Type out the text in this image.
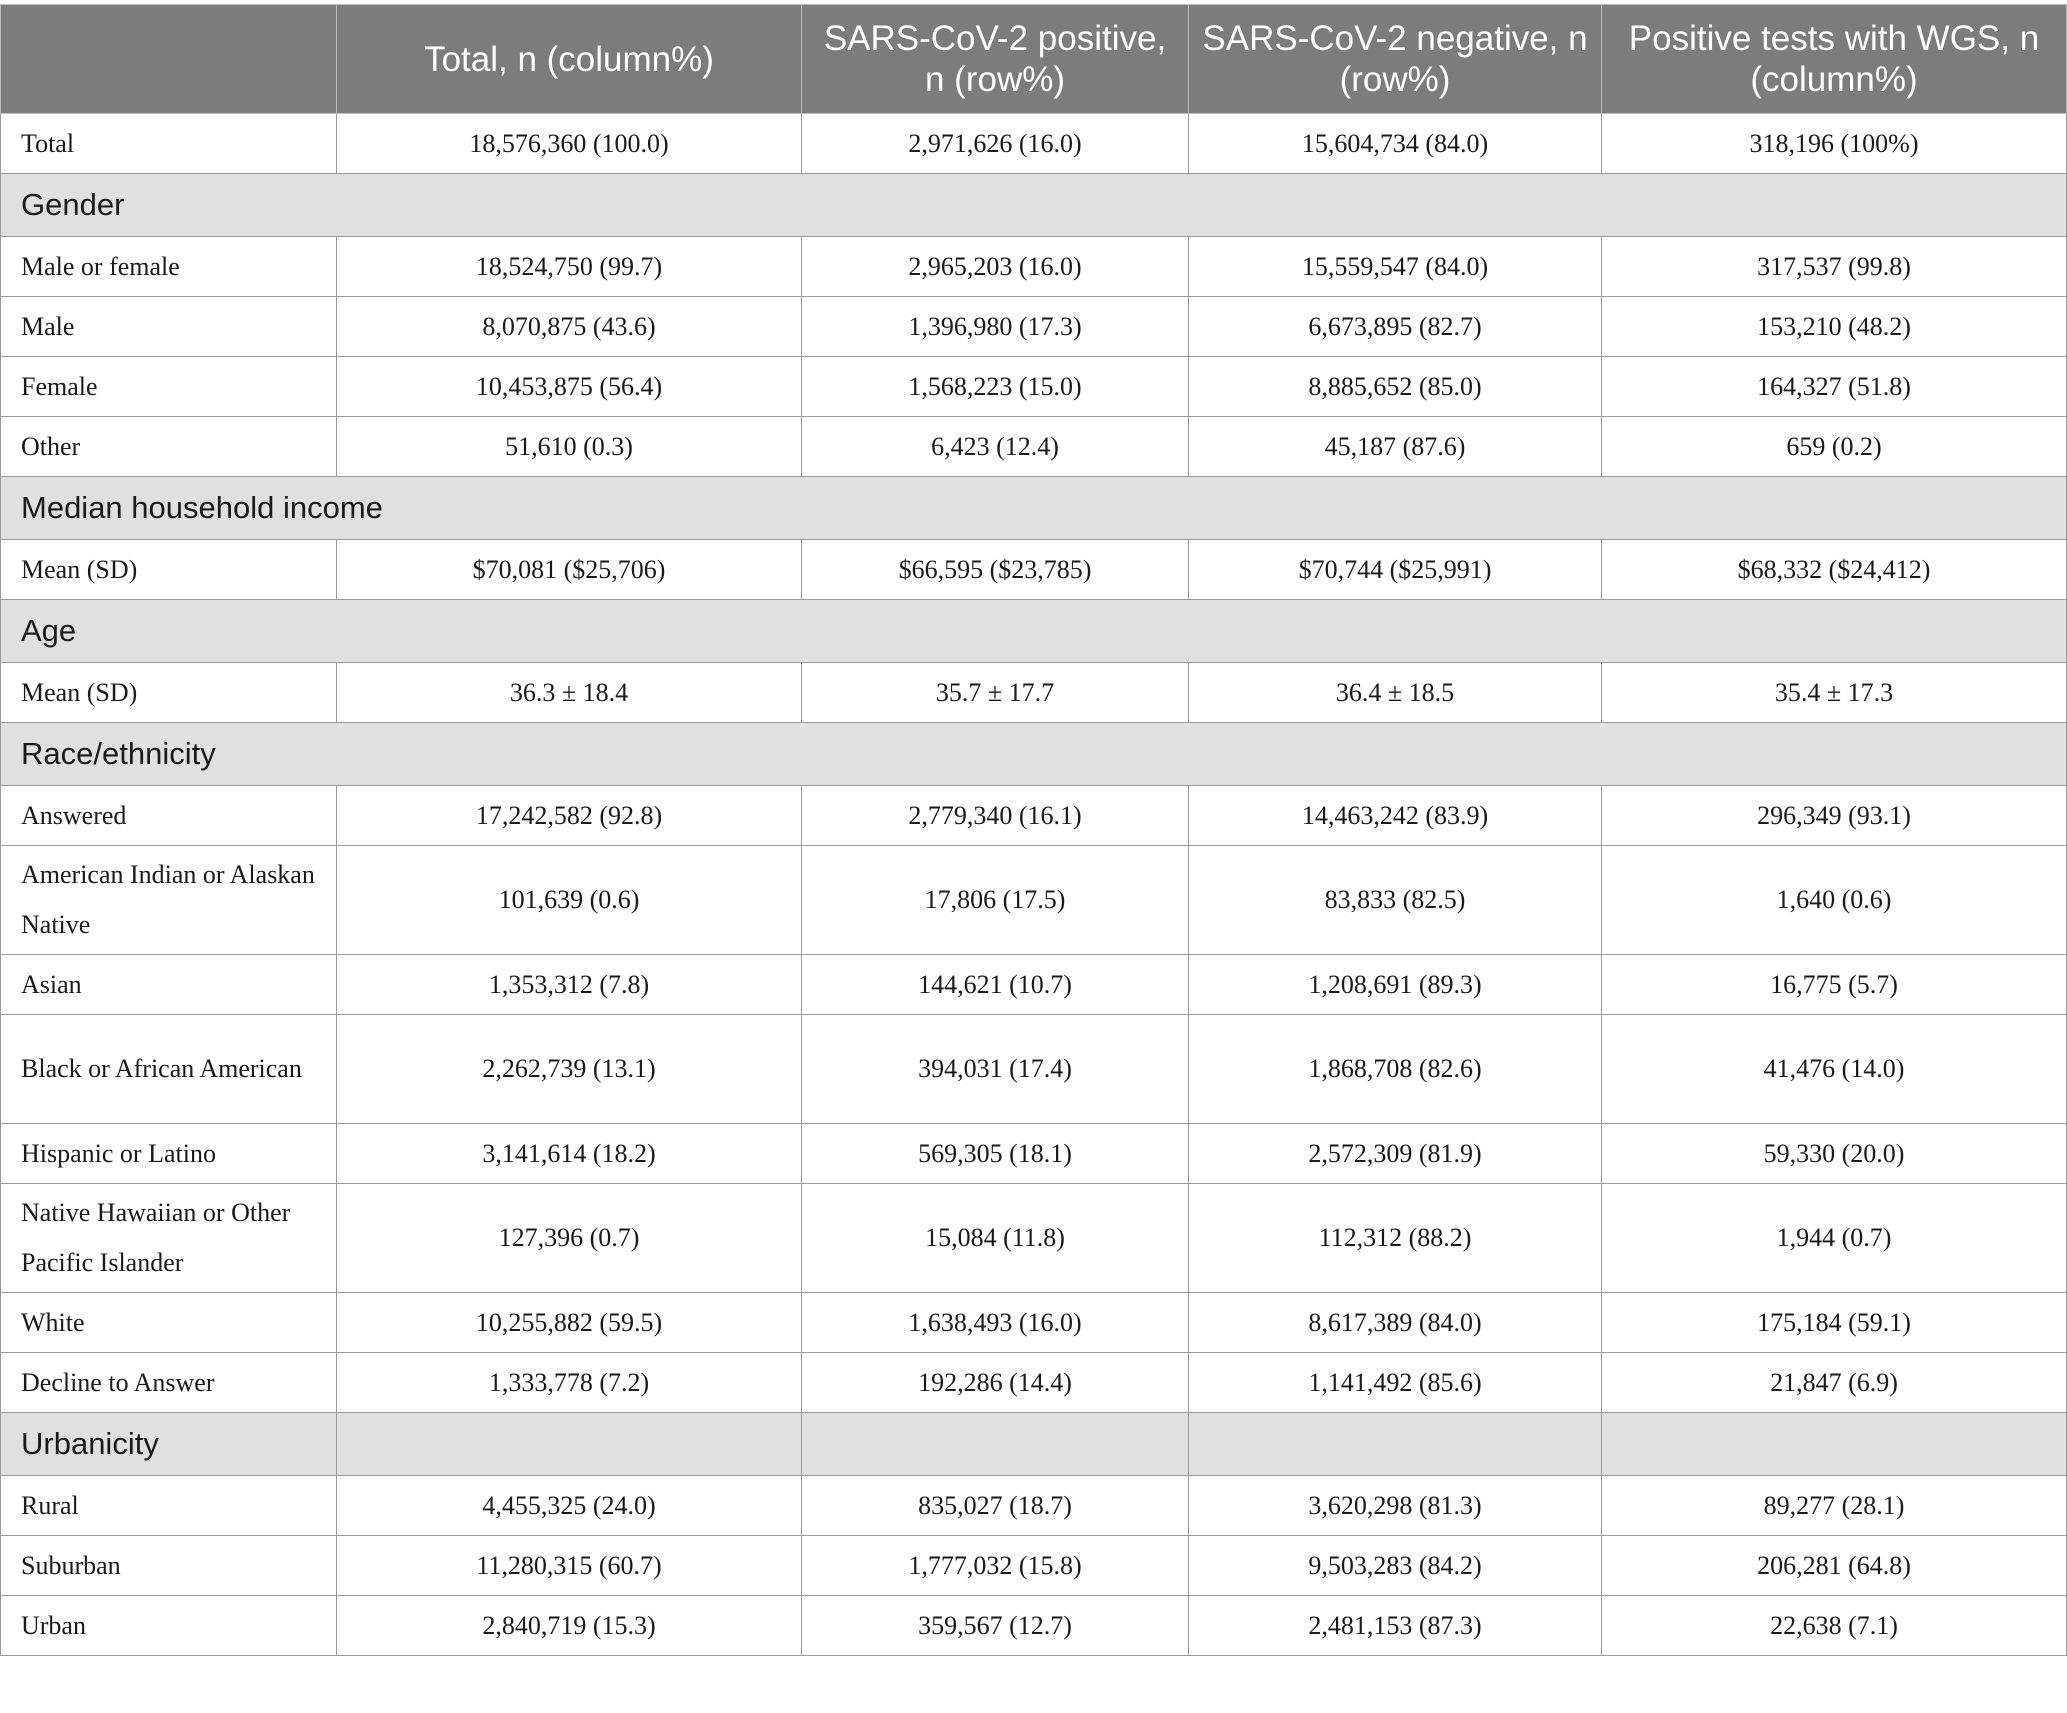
	Total, n (column%)	SARS-CoV-2 positive, n (row%)	SARS-CoV-2 negative, n (row%)	Positive tests with WGS, n (column%)
Total	18,576,360 (100.0)	2,971,626 (16.0)	15,604,734 (84.0)	318,196 (100%)
Gender				
Male or female	18,524,750 (99.7)	2,965,203 (16.0)	15,559,547 (84.0)	317,537 (99.8)
Male	8,070,875 (43.6)	1,396,980 (17.3)	6,673,895 (82.7)	153,210 (48.2)
Female	10,453,875 (56.4)	1,568,223 (15.0)	8,885,652 (85.0)	164,327 (51.8)
Other	51,610 (0.3)	6,423 (12.4)	45,187 (87.6)	659 (0.2)
Median household income				
Mean (SD)	$70,081 ($25,706)	$66,595 ($23,785)	$70,744 ($25,991)	$68,332 ($24,412)
Age				
Mean (SD)	36.3 ± 18.4	35.7 ± 17.7	36.4 ± 18.5	35.4 ± 17.3
Race/ethnicity				
Answered	17,242,582 (92.8)	2,779,340 (16.1)	14,463,242 (83.9)	296,349 (93.1)
American Indian or Alaskan Native	101,639 (0.6)	17,806 (17.5)	83,833 (82.5)	1,640 (0.6)
Asian	1,353,312 (7.8)	144,621 (10.7)	1,208,691 (89.3)	16,775 (5.7)
Black or African American	2,262,739 (13.1)	394,031 (17.4)	1,868,708 (82.6)	41,476 (14.0)
Hispanic or Latino	3,141,614 (18.2)	569,305 (18.1)	2,572,309 (81.9)	59,330 (20.0)
Native Hawaiian or Other Pacific Islander	127,396 (0.7)	15,084 (11.8)	112,312 (88.2)	1,944 (0.7)
White	10,255,882 (59.5)	1,638,493 (16.0)	8,617,389 (84.0)	175,184 (59.1)
Decline to Answer	1,333,778 (7.2)	192,286 (14.4)	1,141,492 (85.6)	21,847 (6.9)
Urbanicity				
Rural	4,455,325 (24.0)	835,027 (18.7)	3,620,298 (81.3)	89,277 (28.1)
Suburban	11,280,315 (60.7)	1,777,032 (15.8)	9,503,283 (84.2)	206,281 (64.8)
Urban	2,840,719 (15.3)	359,567 (12.7)	2,481,153 (87.3)	22,638 (7.1)
